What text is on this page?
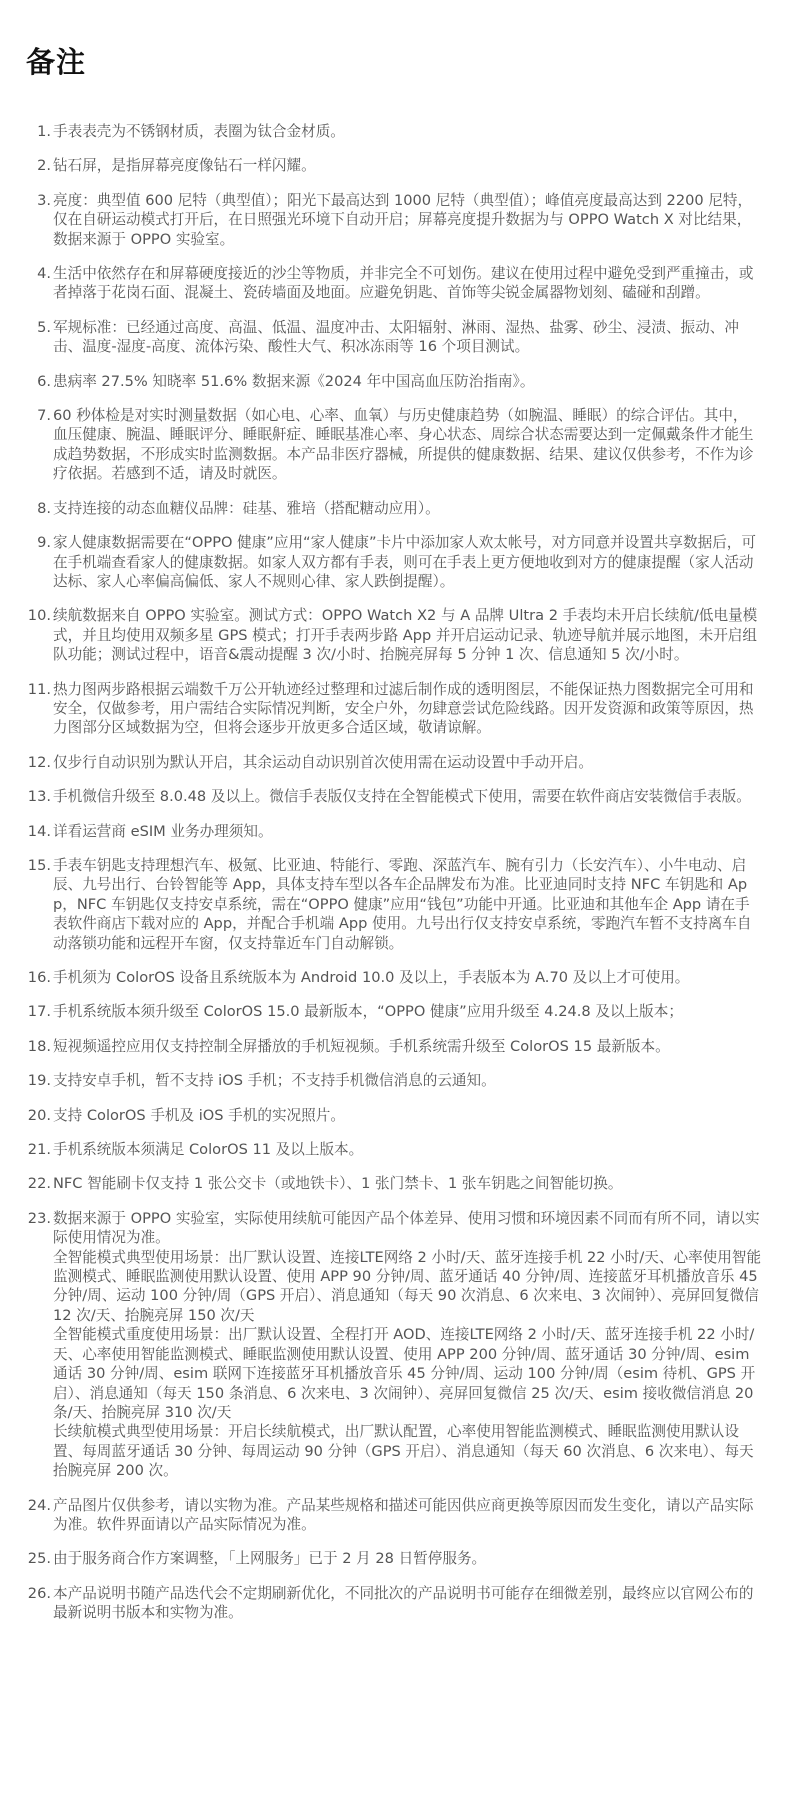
备注
1. 手表表壳为不锈钢材质，表圈为钛合金材质。
2. 钻石屏，是指屏幕亮度像钻石一样闪耀。
3. 亮度：典型值 600 尼特（典型值）；阳光下最高达到 1000 尼特（典型值）；峰值亮度最高达到 2200 尼特，仅在自研运动模式打开后，在日照强光环境下自动开启；屏幕亮度提升数据为与 OPPO Watch X 对比结果，数据来源于 OPPO 实验室。
4. 生活中依然存在和屏幕硬度接近的沙尘等物质，并非完全不可划伤。建议在使用过程中避免受到严重撞击，或者掉落于花岗石面、混凝土、瓷砖墙面及地面。应避免钥匙、首饰等尖锐金属器物划刻、磕碰和刮蹭。
5. 军规标准：已经通过高度、高温、低温、温度冲击、太阳辐射、淋雨、湿热、盐雾、砂尘、浸渍、振动、冲击、温度-湿度-高度、流体污染、酸性大气、积冰冻雨等 16 个项目测试。
6. 患病率 27.5% 知晓率 51.6% 数据来源《2024 年中国高血压防治指南》。
7. 60 秒体检是对实时测量数据（如心电、心率、血氧）与历史健康趋势（如腕温、睡眠）的综合评估。其中，血压健康、腕温、睡眠评分、睡眠鼾症、睡眠基准心率、身心状态、周综合状态需要达到一定佩戴条件才能生成趋势数据，不形成实时监测数据。本产品非医疗器械，所提供的健康数据、结果、建议仅供参考，不作为诊疗依据。若感到不适，请及时就医。
8. 支持连接的动态血糖仪品牌：硅基、雅培（搭配糖动应用）。
9. 家人健康数据需要在“OPPO 健康”应用“家人健康”卡片中添加家人欢太帐号，对方同意并设置共享数据后，可在手机端查看家人的健康数据。如家人双方都有手表，则可在手表上更方便地收到对方的健康提醒（家人活动达标、家人心率偏高偏低、家人不规则心律、家人跌倒提醒）。
10. 续航数据来自 OPPO 实验室。测试方式：OPPO Watch X2 与 A 品牌 Ultra 2 手表均未开启长续航/低电量模式，并且均使用双频多星 GPS 模式；打开手表两步路 App 并开启运动记录、轨迹导航并展示地图，未开启组队功能；测试过程中，语音&震动提醒 3 次/小时、抬腕亮屏每 5 分钟 1 次、信息通知 5 次/小时。
11. 热力图两步路根据云端数千万公开轨迹经过整理和过滤后制作成的透明图层，不能保证热力图数据完全可用和安全，仅做参考，用户需结合实际情况判断，安全户外，勿肆意尝试危险线路。因开发资源和政策等原因，热力图部分区域数据为空，但将会逐步开放更多合适区域，敬请谅解。
12. 仅步行自动识别为默认开启，其余运动自动识别首次使用需在运动设置中手动开启。
13. 手机微信升级至 8.0.48 及以上。微信手表版仅支持在全智能模式下使用，需要在软件商店安装微信手表版。
14. 详看运营商 eSIM 业务办理须知。
15. 手表车钥匙支持理想汽车、极氪、比亚迪、特能行、零跑、深蓝汽车、腕有引力（长安汽车）、小牛电动、启辰、九号出行、台铃智能等 App，具体支持车型以各车企品牌发布为准。比亚迪同时支持 NFC 车钥匙和 App，NFC 车钥匙仅支持安卓系统，需在“OPPO 健康”应用“钱包”功能中开通。比亚迪和其他车企 App 请在手表软件商店下载对应的 App，并配合手机端 App 使用。九号出行仅支持安卓系统，零跑汽车暂不支持离车自动落锁功能和远程开车窗，仅支持靠近车门自动解锁。
16. 手机须为 ColorOS 设备且系统版本为 Android 10.0 及以上，手表版本为 A.70 及以上才可使用。
17. 手机系统版本须升级至 ColorOS 15.0 最新版本，“OPPO 健康”应用升级至 4.24.8 及以上版本；
18. 短视频遥控应用仅支持控制全屏播放的手机短视频。手机系统需升级至 ColorOS 15 最新版本。
19. 支持安卓手机，暂不支持 iOS 手机；不支持手机微信消息的云通知。
20. 支持 ColorOS 手机及 iOS 手机的实况照片。
21. 手机系统版本须满足 ColorOS 11 及以上版本。
22. NFC 智能刷卡仅支持 1 张公交卡（或地铁卡）、1 张门禁卡、1 张车钥匙之间智能切换。
23. 数据来源于 OPPO 实验室，实际使用续航可能因产品个体差异、使用习惯和环境因素不同而有所不同，请以实际使用情况为准。
全智能模式典型使用场景：出厂默认设置、连接LTE网络 2 小时/天、蓝牙连接手机 22 小时/天、心率使用智能监测模式、睡眠监测使用默认设置、使用 APP 90 分钟/周、蓝牙通话 40 分钟/周、连接蓝牙耳机播放音乐 45 分钟/周、运动 100 分钟/周（GPS 开启）、消息通知（每天 90 次消息、6 次来电、3 次闹钟）、亮屏回复微信 12 次/天、抬腕亮屏 150 次/天
全智能模式重度使用场景：出厂默认设置、全程打开 AOD、连接LTE网络 2 小时/天、蓝牙连接手机 22 小时/天、心率使用智能监测模式、睡眠监测使用默认设置、使用 APP 200 分钟/周、蓝牙通话 30 分钟/周、esim 通话 30 分钟/周、esim 联网下连接蓝牙耳机播放音乐 45 分钟/周、运动 100 分钟/周（esim 待机、GPS 开启）、消息通知（每天 150 条消息、6 次来电、3 次闹钟）、亮屏回复微信 25 次/天、esim 接收微信消息 20 条/天、抬腕亮屏 310 次/天
长续航模式典型使用场景：开启长续航模式，出厂默认配置，心率使用智能监测模式、睡眠监测使用默认设置、每周蓝牙通话 30 分钟、每周运动 90 分钟（GPS 开启）、消息通知（每天 60 次消息、6 次来电）、每天抬腕亮屏 200 次。
24. 产品图片仅供参考，请以实物为准。产品某些规格和描述可能因供应商更换等原因而发生变化，请以产品实际为准。软件界面请以产品实际情况为准。
25. 由于服务商合作方案调整，「上网服务」已于 2 月 28 日暂停服务。
26. 本产品说明书随产品迭代会不定期刷新优化，不同批次的产品说明书可能存在细微差别，最终应以官网公布的最新说明书版本和实物为准。
